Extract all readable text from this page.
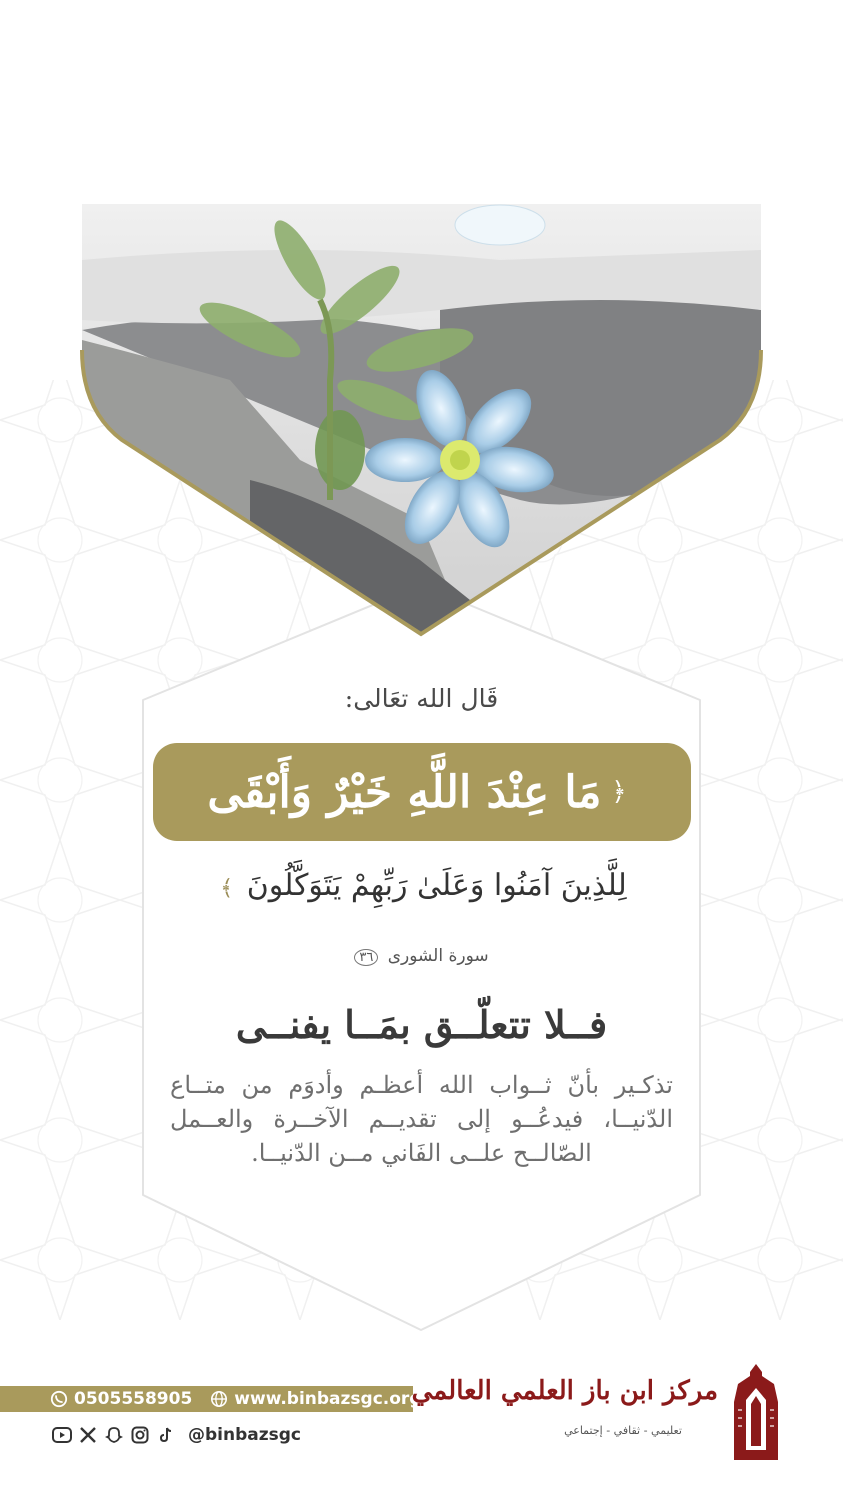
قَال الله تعَالى:
﴿
مَا عِنْدَ اللَّهِ خَيْرٌ وَأَبْقَى
لِلَّذِينَ آمَنُوا وَعَلَىٰ رَبِّهِمْ يَتَوَكَّلُونَ ﴾
سورة الشورى ٣٦
فــلا تتعلّــق بمَــا يفنــى
تذكـير بأنّ ثــواب الله أعظـم وأدوَم من متــاع الدّنيــا، فيدعُــو إلى تقديــم الآخــرة والعــمل الصّالــح علــى الفَاني مــن الدّنيــا.
0505558905 www.binbazsgc.org
@binbazsgc
مركز ابن باز العلمي العالمي
تعليمي - ثقافي - إجتماعي
